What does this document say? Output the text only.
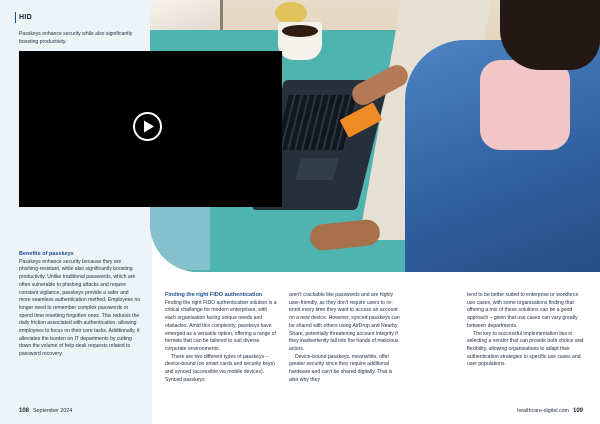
HID
Passkeys enhance security while also significantly boosting productivity.

Benefits of passkeys

Passkeys enhance security because they are phishing-resistant, while also significantly boosting productivity. Unlike traditional passwords, which are often vulnerable to phishing attacks and require constant vigilance, passkeys provide a safer and more seamless authentication method. Employees no longer need to remember complex passwords or spend time resetting forgotten ones. This reduces the daily friction associated with authentication, allowing employees to focus on their core tasks. Additionally, it alleviates the burden on IT departments by cutting down the volume of help-desk requests related to password recovery.

Finding the right FIDO authentication

Finding the right FIDO authentication solution is a critical challenge for modern enterprises, with each organisation facing unique needs and obstacles. Amid this complexity, passkeys have emerged as a versatile option, offering a range of formats that can be tailored to suit diverse corporate environments.

There are two different types of passkeys – device-bound (on smart cards and security keys) and synced (accessible via mobile devices). Synced passkeys

aren't crackable like passwords and are highly user-friendly, as they don't require users to re-enrol every time they want to access an account on a new device. However, synced passkeys can be shared with others using AirDrop and Nearby Share, potentially threatening account integrity if they inadvertently fall into the hands of malicious actors.

Device-bound passkeys, meanwhile, offer greater security since they require additional hardware and can't be shared digitally. That is also why they

tend to be better suited to enterprise or workforce use cases, with some organisations finding that offering a mix of these solutions can be a good approach – given that use cases can vary greatly between departments.

The key to successful implementation lies in selecting a vendor that can provide both choice and flexibility, allowing organisations to adapt their authentication strategies to specific use cases and user populations.

108 September 2024	healthcare-digital.com 109
